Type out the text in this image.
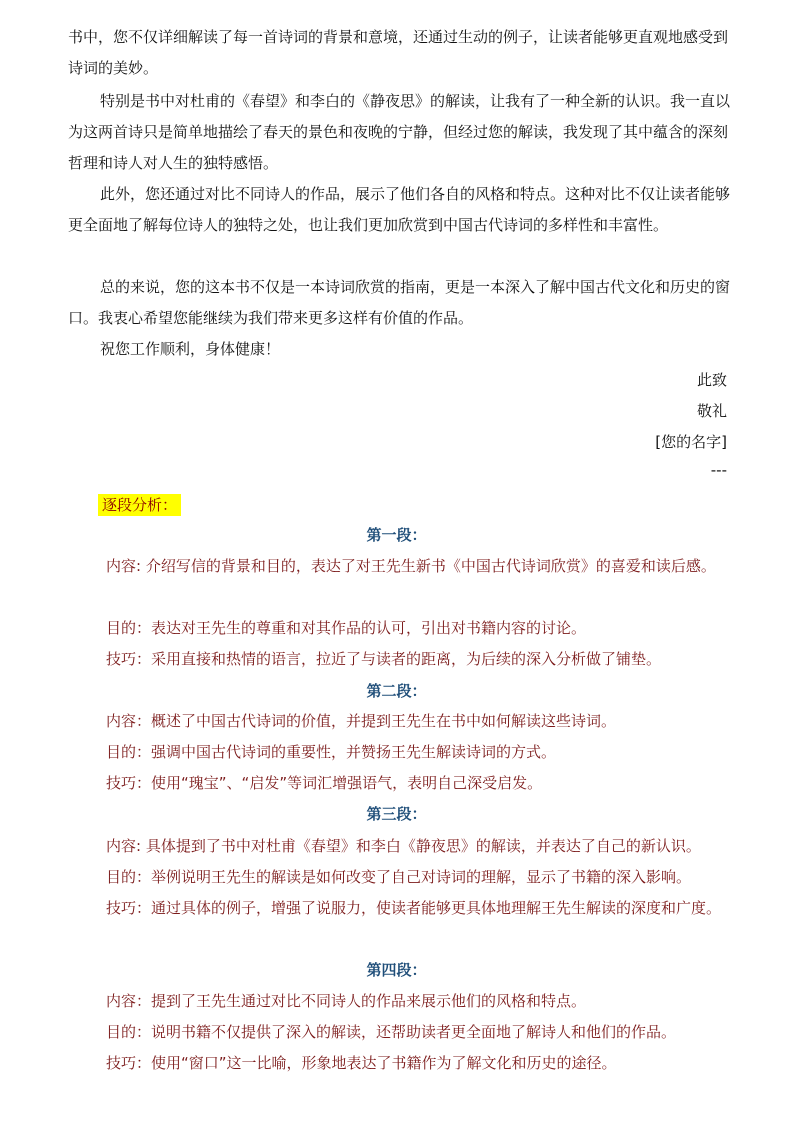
书中，您不仅详细解读了每一首诗词的背景和意境，还通过生动的例子，让读者能够更直观地感受到诗词的美妙。

特别是书中对杜甫的《春望》和李白的《静夜思》的解读，让我有了一种全新的认识。我一直以为这两首诗只是简单地描绘了春天的景色和夜晚的宁静，但经过您的解读，我发现了其中蕴含的深刻哲理和诗人对人生的独特感悟。

此外，您还通过对比不同诗人的作品，展示了他们各自的风格和特点。这种对比不仅让读者能够更全面地了解每位诗人的独特之处，也让我们更加欣赏到中国古代诗词的多样性和丰富性。

总的来说，您的这本书不仅是一本诗词欣赏的指南，更是一本深入了解中国古代文化和历史的窗口。我衷心希望您能继续为我们带来更多这样有价值的作品。

祝您工作顺利，身体健康！

此致
敬礼
[您的名字]
---
逐段分析：
第一段：

内容: 介绍写信的背景和目的，表达了对王先生新书《中国古代诗词欣赏》的喜爱和读后感。

目的：表达对王先生的尊重和对其作品的认可，引出对书籍内容的讨论。

技巧：采用直接和热情的语言，拉近了与读者的距离，为后续的深入分析做了铺垫。

第二段：

内容：概述了中国古代诗词的价值，并提到王先生在书中如何解读这些诗词。

目的：强调中国古代诗词的重要性，并赞扬王先生解读诗词的方式。

技巧：使用“瑰宝”、“启发”等词汇增强语气，表明自己深受启发。

第三段：

内容: 具体提到了书中对杜甫《春望》和李白《静夜思》的解读，并表达了自己的新认识。

目的：举例说明王先生的解读是如何改变了自己对诗词的理解，显示了书籍的深入影响。

技巧：通过具体的例子，增强了说服力，使读者能够更具体地理解王先生解读的深度和广度。

第四段：

内容：提到了王先生通过对比不同诗人的作品来展示他们的风格和特点。

目的：说明书籍不仅提供了深入的解读，还帮助读者更全面地了解诗人和他们的作品。

技巧：使用“窗口”这一比喻，形象地表达了书籍作为了解文化和历史的途径。
